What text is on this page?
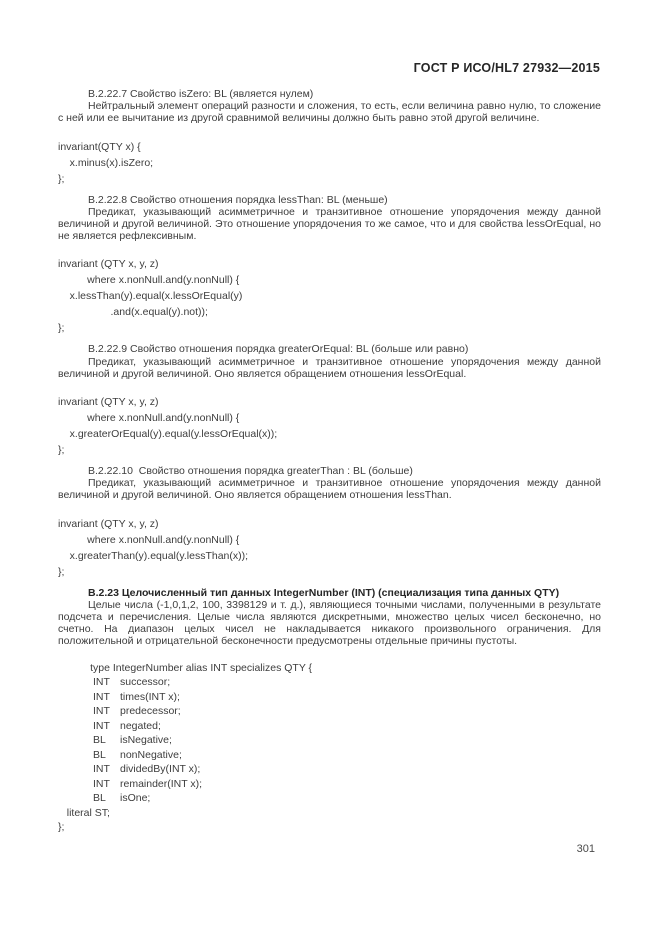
ГОСТ Р ИСО/HL7 27932—2015
В.2.22.7 Свойство isZero: BL (является нулем)

Нейтральный элемент операций разности и сложения, то есть, если величина равно нулю, то сложение с ней или ее вычитание из другой сравнимой величины должно быть равно этой другой величине.

invariant(QTY x) {
x.minus(x).isZero;
};
В.2.22.8 Свойство отношения порядка lessThan: BL (меньше)

Предикат, указывающий асимметричное и транзитивное отношение упорядочения между данной величиной и другой величиной. Это отношение упорядочения то же самое, что и для свойства lessOrEqual, но не является рефлексивным.

invariant (QTY x, y, z)
where x.nonNull.and(y.nonNull) {
x.lessThan(y).equal(x.lessOrEqual(y)
.and(x.equal(y).not));
};
В.2.22.9 Свойство отношения порядка greaterOrEqual: BL (больше или равно)

Предикат, указывающий асимметричное и транзитивное отношение упорядочения между данной величиной и другой величиной. Оно является обращением отношения lessOrEqual.

invariant (QTY x, y, z)
where x.nonNull.and(y.nonNull) {
x.greaterOrEqual(y).equal(y.lessOrEqual(x));
};
В.2.22.10  Свойство отношения порядка greaterThan : BL (больше)

Предикат, указывающий асимметричное и транзитивное отношение упорядочения между данной величиной и другой величиной. Оно является обращением отношения lessThan.

invariant (QTY x, y, z)
where x.nonNull.and(y.nonNull) {
x.greaterThan(y).equal(y.lessThan(x));
};
В.2.23 Целочисленный тип данных IntegerNumber (INT) (специализация типа данных QTY)

Целые числа (-1,0,1,2, 100, 3398129 и т. д.), являющиеся точными числами, полученными в результате подсчета и перечисления. Целые числа являются дискретными, множество целых чисел бесконечно, но счетно. На диапазон целых чисел не накладывается никакого произвольного ограничения. Для положительной и отрицательной бесконечности предусмотрены отдельные причины пустоты.

type IntegerNumber alias INT specializes QTY {
INT successor;
INT times(INT x);
INT predecessor;
INT negated;
BL isNegative;
BL nonNegative;
INT dividedBy(INT x);
INT remainder(INT x);
BL isOne;
literal ST;
};
301
